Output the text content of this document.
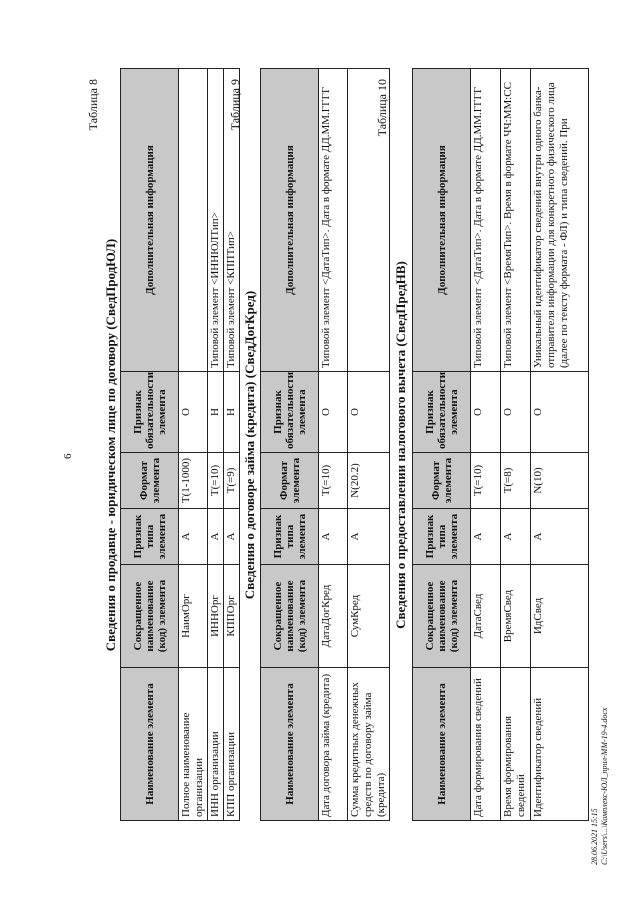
6
Таблица 8
Сведения о продавце - юридическом лице по договору (СведПродЮЛ)
Наименование элемента	Сокращенное наименование (код) элемента	Признак типа элемента	Формат элемента	Признак обязательности элемента	Дополнительная информация
Полное наименование организации	НаимОрг	А	T(1-1000)	О	
ИНН организации	ИННОрг	А	T(=10)	Н	Типовой элемент <ИННЮЛТип>
КПП организации	КППОрг	А	T(=9)	Н	Типовой элемент <КППТип>
Таблица 9
Сведения о договоре займа (кредита) (СведДогКред)
Наименование элемента	Сокращенное наименование (код) элемента	Признак типа элемента	Формат элемента	Признак обязательности элемента	Дополнительная информация
Дата договора займа (кредита)	ДатаДогКред	А	T(=10)	О	Типовой элемент <ДатаТип>. Дата в формате ДД.ММ.ГГГГ
Сумма кредитных денежных средств по договору займа (кредита)	СумКред	А	N(20.2)	О	
Таблица 10
Сведения о предоставлении налогового вычета (СведПредНВ)
Наименование элемента	Сокращенное наименование (код) элемента	Признак типа элемента	Формат элемента	Признак обязательности элемента	Дополнительная информация
Дата формирования сведений	ДатаСвед	А	T(=10)	О	Типовой элемент <ДатаТип>. Дата в формате ДД.ММ.ГГГГ
Время формирования сведений	ВремяСвед	А	T(=8)	О	Типовой элемент <ВремяТип>. Время в формате ЧЧ:ММ:СС
Идентификатор сведений	ИдСвед	А	N(10)	О	Уникальный идентификатор сведений внутри одного банка-отправителя информации для конкретного физического лица (далее по тексту формата - ФЛ) и типа сведений. При
28.06.2021 15:15 C:\Users\...\Комплекс-ЮЛ_прил-ММ-19-4.docx
